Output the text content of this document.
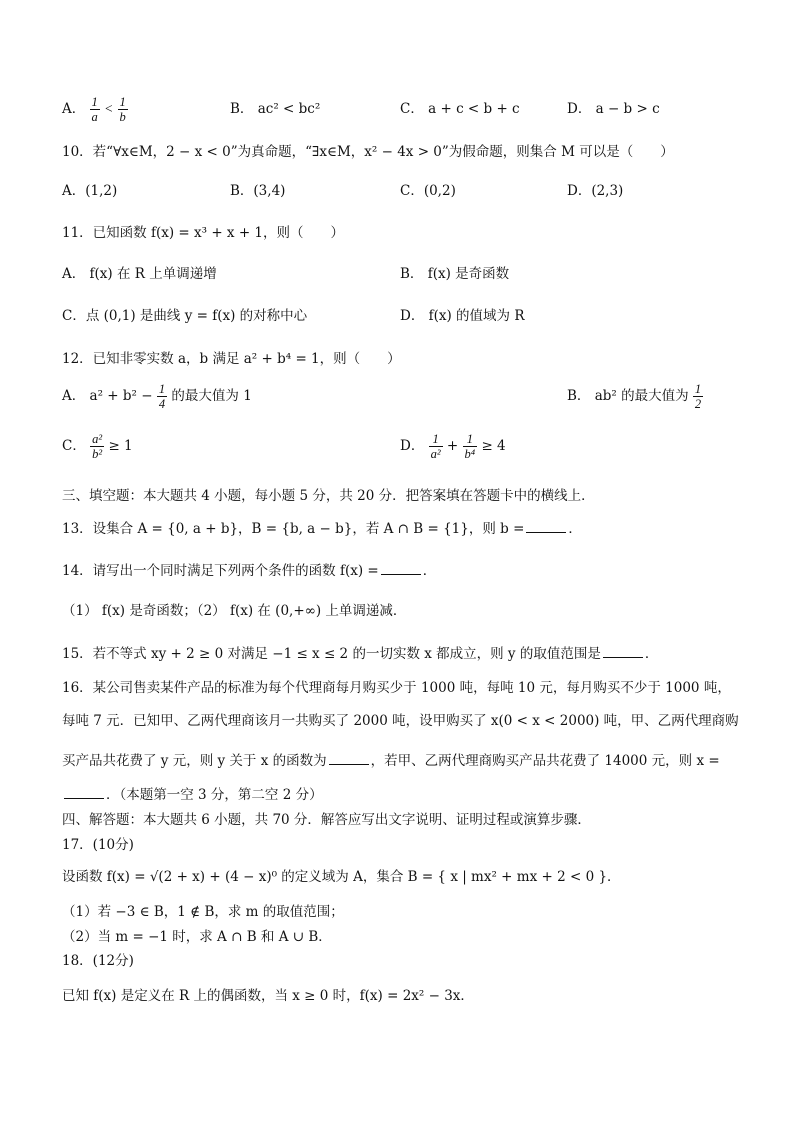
A． $\frac{1}{a} < \frac{1}{b}$	B． ac² < bc²	C． a + c < b + c	D． a − b > c
10．若“∀x∈M，2 − x < 0”为真命题，“∃x∈M，x² − 4x > 0”为假命题，则集合 M 可以是（　　）
A．(1,2)	B．(3,4)	C．(0,2)	D．(2,3)
11．已知函数 f(x) = x³ + x + 1，则（　　）
A． f(x) 在 R 上单调递增	B． f(x) 是奇函数
C．点 (0,1) 是曲线 y = f(x) 的对称中心	D． f(x) 的值域为 R
12．已知非零实数 a，b 满足 a² + b⁴ = 1，则（　　）
A． $a^2 + b^2 - \frac{1}{4}$ 的最大值为 1	B． ab² 的最大值为 $\frac{1}{2}$
C． $\frac{\text{a²}}{\text{b²}} \ge 1$	D． $\frac{1}{\text{a²}} + \frac{1}{\text{b⁴}} \ge 4$
三、填空题：本大题共 4 小题，每小题 5 分，共 20 分．把答案填在答题卡中的横线上．
13．设集合 A = {0, a + b}，B = {b, a − b}，若 A ∩ B = {1}，则 b =	．
14．请写出一个同时满足下列两个条件的函数 f(x) =	．
（1） f(x) 是奇函数；（2） f(x) 在 (0,+∞) 上单调递减．
15．若不等式 xy + 2 ≥ 0 对满足 −1 ≤ x ≤ 2 的一切实数 x 都成立，则 y 的取值范围是	．
16．某公司售卖某件产品的标准为每个代理商每月购买少于 1000 吨，每吨 10 元，每月购买不少于 1000 吨，
每吨 7 元．已知甲、乙两代理商该月一共购买了 2000 吨，设甲购买了 x(0 < x < 2000) 吨，甲、乙两代理商购
买产品共花费了 y 元，则 y 关于 x 的函数为	，若甲、乙两代理商购买产品共花费了 14000 元，则 x =
．（本题第一空 3 分，第二空 2 分）
四、解答题：本大题共 6 小题，共 70 分．解答应写出文字说明、证明过程或演算步骤．
17．(10分)
设函数 f(x) = √(2 + x) + (4 − x)⁰ 的定义域为 A，集合 B = { x | mx² + mx + 2 < 0 }．
（1）若 −3 ∈ B，1 ∉ B，求 m 的取值范围；
（2）当 m = −1 时，求 A ∩ B 和 A ∪ B．
18．(12分)
已知 f(x) 是定义在 R 上的偶函数，当 x ≥ 0 时，f(x) = 2x² − 3x．
